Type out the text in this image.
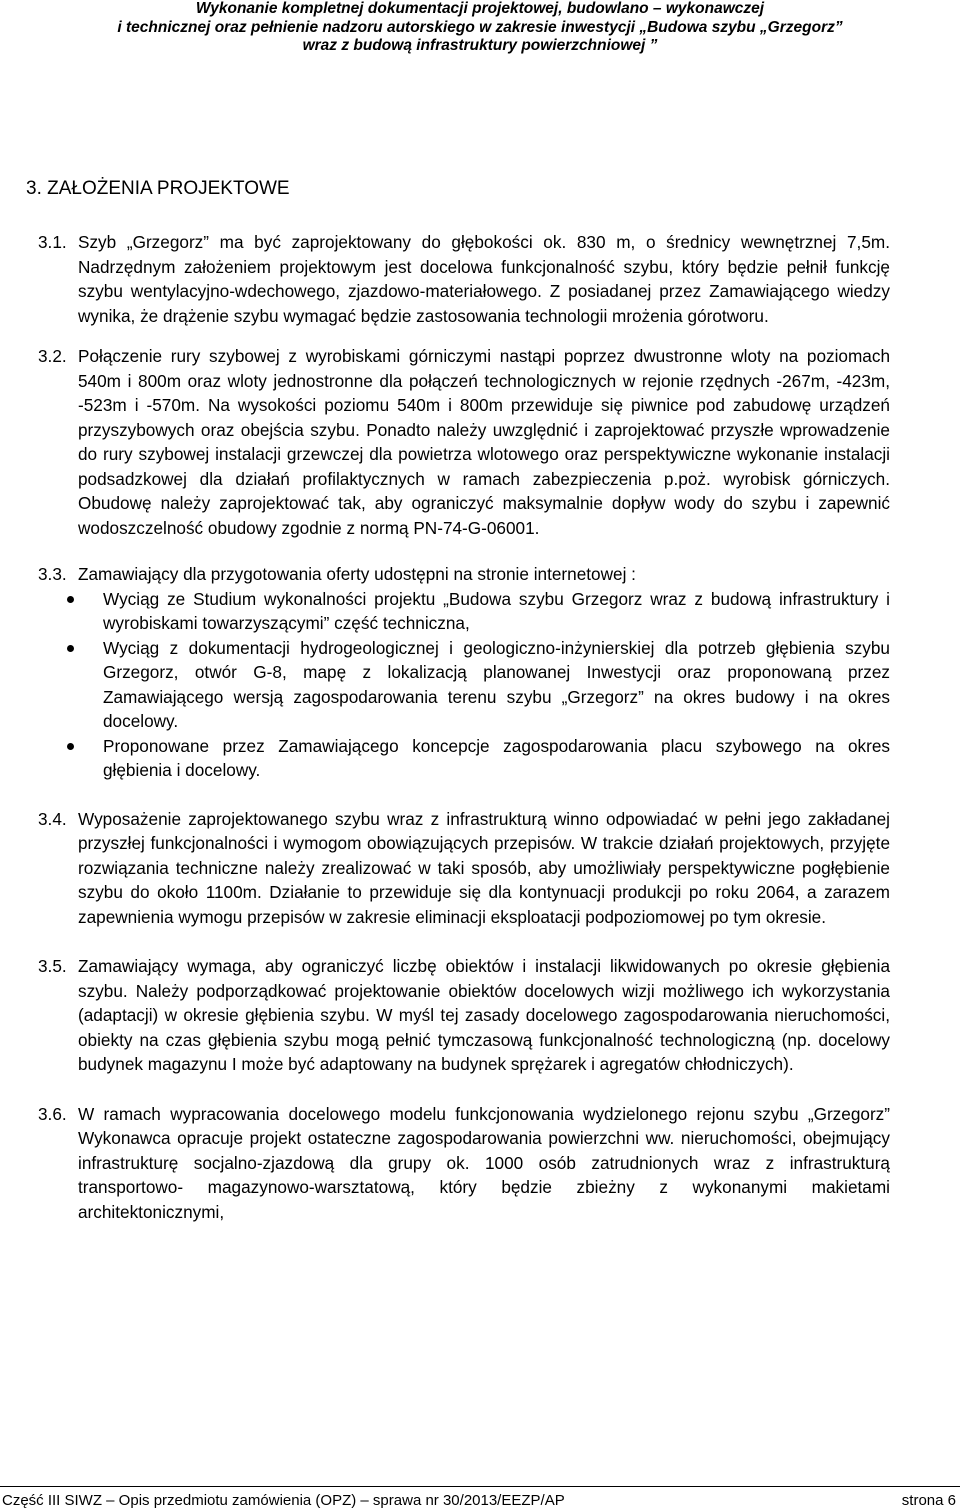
Wykonanie kompletnej dokumentacji projektowej, budowlano – wykonawczej
i technicznej oraz pełnienie nadzoru autorskiego w zakresie inwestycji „Budowa szybu „Grzegorz”
wraz z budową infrastruktury powierzchniowej ”
3. ZAŁOŻENIA PROJEKTOWE
3.1. Szyb „Grzegorz” ma być zaprojektowany do głębokości ok. 830 m, o średnicy wewnętrznej 7,5m. Nadrzędnym założeniem projektowym jest docelowa funkcjonalność szybu, który będzie pełnił funkcję szybu wentylacyjno-wdechowego, zjazdowo-materiałowego. Z posiadanej przez Zamawiającego wiedzy wynika, że drążenie szybu wymagać będzie zastosowania technologii mrożenia górotworu.
3.2. Połączenie rury szybowej z wyrobiskami górniczymi nastąpi poprzez dwustronne wloty na poziomach 540m i 800m oraz wloty jednostronne dla połączeń technologicznych w rejonie rzędnych -267m, -423m, -523m i -570m. Na wysokości poziomu 540m i 800m przewiduje się piwnice pod zabudowę urządzeń przyszybowych oraz obejścia szybu. Ponadto należy uwzględnić i zaprojektować przyszłe wprowadzenie do rury szybowej instalacji grzewczej dla powietrza wlotowego oraz perspektywiczne wykonanie instalacji podsadzkowej dla działań profilaktycznych w ramach zabezpieczenia p.poż. wyrobisk górniczych. Obudowę należy zaprojektować tak, aby ograniczyć maksymalnie dopływ wody do szybu i zapewnić wodoszczelność obudowy zgodnie z normą PN-74-G-06001.
3.3. Zamawiający dla przygotowania oferty udostępni na stronie internetowej :
Wyciąg ze Studium wykonalności projektu „Budowa szybu Grzegorz wraz z budową infrastruktury i wyrobiskami towarzyszącymi” część techniczna,
Wyciąg z dokumentacji hydrogeologicznej i geologiczno-inżynierskiej dla potrzeb głębienia szybu Grzegorz, otwór G-8, mapę z lokalizacją planowanej Inwestycji oraz proponowaną przez Zamawiającego wersją zagospodarowania terenu szybu „Grzegorz” na okres budowy i na okres docelowy.
Proponowane przez Zamawiającego koncepcje zagospodarowania placu szybowego na okres głębienia i docelowy.
3.4. Wyposażenie zaprojektowanego szybu wraz z infrastrukturą winno odpowiadać w pełni jego zakładanej przyszłej funkcjonalności i wymogom obowiązujących przepisów. W trakcie działań projektowych, przyjęte rozwiązania techniczne należy zrealizować w taki sposób, aby umożliwiały perspektywiczne pogłębienie szybu do około 1100m. Działanie to przewiduje się dla kontynuacji produkcji po roku 2064, a zarazem zapewnienia wymogu przepisów w zakresie eliminacji eksploatacji podpoziomowej po tym okresie.
3.5. Zamawiający wymaga, aby ograniczyć liczbę obiektów i instalacji likwidowanych po okresie głębienia szybu. Należy podporządkować projektowanie obiektów docelowych wizji możliwego ich wykorzystania (adaptacji) w okresie głębienia szybu. W myśl tej zasady docelowego zagospodarowania nieruchomości, obiekty na czas głębienia szybu mogą pełnić tymczasową funkcjonalność technologiczną (np. docelowy budynek magazynu I może być adaptowany na budynek sprężarek i agregatów chłodniczych).
3.6. W ramach wypracowania docelowego modelu funkcjonowania wydzielonego rejonu szybu „Grzegorz” Wykonawca opracuje projekt ostateczne zagospodarowania powierzchni ww. nieruchomości, obejmujący infrastrukturę socjalno-zjazdową dla grupy ok. 1000 osób zatrudnionych wraz z infrastrukturą transportowo- magazynowo-warsztatową, który będzie zbieżny z wykonanymi makietami architektonicznymi,
Część III SIWZ – Opis przedmiotu zamówienia (OPZ) – sprawa nr 30/2013/EEZP/AP	strona 6
